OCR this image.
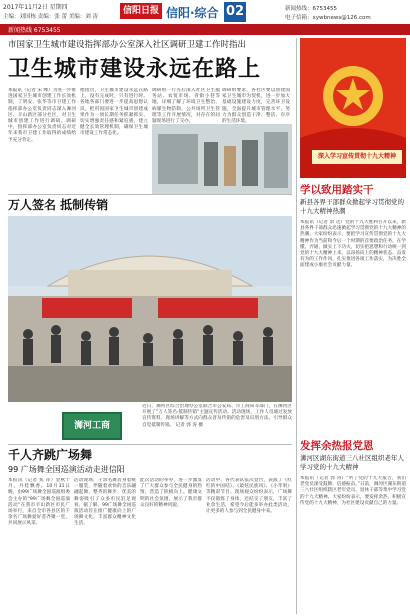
2017年11月2日 星期四
主编：刘国栋 责编：张 蕾 美编：刘 涛
信阳日报 信阳·综合 02	新闻热线：6753455
电子信箱：xywbnews@126.com
新闻热线 6753455
市国家卫生城市建设指挥部办公室深入社区调研卫建工作时指出
卫生城市建设永远在路上
本报讯（记者 宋 峰）为进一步推进国家卫生城市创建工作长效机制，丁明安、张华等市卫建工作指挥部办公室负责同志深入浉河区、羊山新区部分社区，对卫生城市创建工作进行调研。调研中，指挥部办公室负责同志对近年来我市卫建工作取得的成绩给予充分肯定。
他指出，卫生城市建设永远在路上，没有完成时，只有进行时。各地各部门要进一步提高思想认识，把巩固国家卫生城市创建成果作为一项长期任务抓紧抓实，切实增强责任感和紧迫感，建立健全长效管理机制，确保卫生城市建设工作常态化。
调研组一行先后深入社区卫生服务站、农贸市场、背街小巷等地，详细了解了环境卫生整治、病媒生物防制、公共场所卫生管理等工作开展情况，对存在的问题现场进行了交办。
调研组要求，各社区要以创建国家卫生城市为契机，进一步加大基础设施建设力度，完善环卫设施，全面提升城市管理水平，努力为群众创造干净、整洁、有序的生活环境。
万人签名 抵制传销
近日，浉河区综合治理办公室联合市公安局、市工商局等部门，在浉河区开展了“万人签名·抵制传销”主题宣传活动。活动现场，工作人员通过发放宣传资料、现场讲解等方式向群众普及传销的危害及识别方法，引导群众自觉抵制传销。 记者 郭 涛 摄
浉河工商
千人齐跳广场舞
99 广场舞全国巡演活动走进信阳
本报讯（记者 焦 萍）金秋十月，丹桂飘香。10月31日晚，由99广场舞全国巡演组委会主办的“99广场舞全国巡演活动”在我市羊山新区市民广场举行，来自全市各县区的千余名广场舞爱好者齐聚一堂，共同展示风采。
活动现场，千余名舞者身着统一服装，伴随着欢快的音乐翩翩起舞，整齐的舞步、优美的舞姿吸引了众多市民驻足观看。据了解，99广场舞全国巡演活动旨在推广健康向上的广场舞文化，丰富群众精神文化生活。
此次活动的举办，进一步激发了广大群众参与全民健身的热情，营造了积极向上、健康文明的社会氛围，展示了我市群众良好的精神风貌。
活动中，各代表队依次登台，表演了《红红的中国结》、《最炫民族风》、《小苹果》等精彩节目。现场观众纷纷表示，广场舞不仅锻炼了身体，还结交了朋友，丰富了业余生活，希望今后能多举办此类活动，让更多的人参与到全民健身中来。
深入学习宣传贯彻十九大精神
学以致用踏实干
新县各界干部群众掀起学习贯彻党的十九大精神热潮
本报讯（记者 余 达）党的十九大胜利召开以来，新县各界干部群众迅速掀起学习贯彻党的十九大精神的热潮。大家纷纷表示，要把学习宣传贯彻党的十九大精神作为当前和今后一个时期的首要政治任务，在学懂、弄通、做实上下功夫，切实把思想和行动统一到党的十九大精神上来，以昂扬向上的精神状态、奋发有为的工作作风，扎实推进各项工作落实，为决胜全面建成小康社会贡献力量。
发挥余热报党恩
浉河区湖东街道三八社区组织老年人学习党的十九大精神
本报讯（记者 郭 涛）“听了党的十九大报告，我们老党员深受鼓舞，倍感振奋。”日前，浉河区湖东街道三八社区组织辖区老年党员、退休干部等集中学习党的十九大精神。大家纷纷表示，要发挥余热，积极宣传党的十九大精神，为社区建设贡献自己的力量。
